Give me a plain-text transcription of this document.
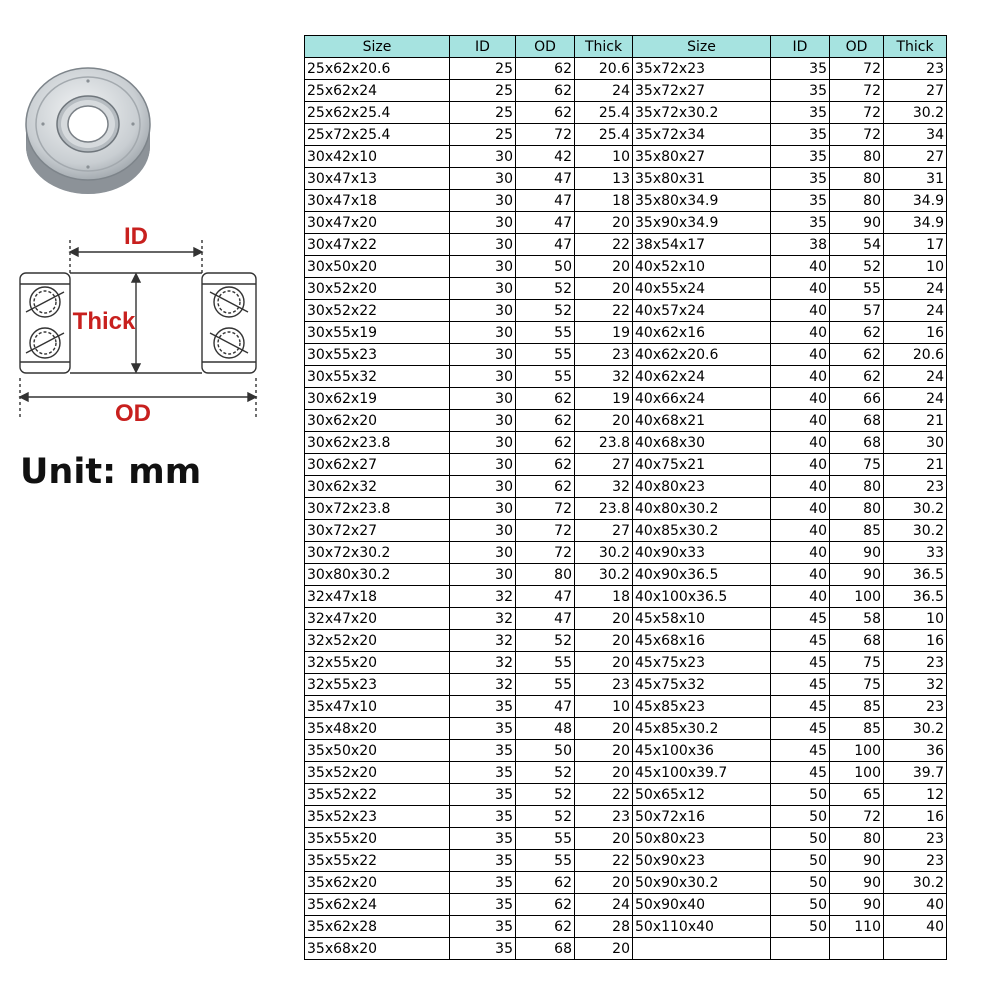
ID
Thick
OD
Unit: mm
Size	ID	OD	Thick	Size	ID	OD	Thick
25x62x20.6	25	62	20.6	35x72x23	35	72	23
25x62x24	25	62	24	35x72x27	35	72	27
25x62x25.4	25	62	25.4	35x72x30.2	35	72	30.2
25x72x25.4	25	72	25.4	35x72x34	35	72	34
30x42x10	30	42	10	35x80x27	35	80	27
30x47x13	30	47	13	35x80x31	35	80	31
30x47x18	30	47	18	35x80x34.9	35	80	34.9
30x47x20	30	47	20	35x90x34.9	35	90	34.9
30x47x22	30	47	22	38x54x17	38	54	17
30x50x20	30	50	20	40x52x10	40	52	10
30x52x20	30	52	20	40x55x24	40	55	24
30x52x22	30	52	22	40x57x24	40	57	24
30x55x19	30	55	19	40x62x16	40	62	16
30x55x23	30	55	23	40x62x20.6	40	62	20.6
30x55x32	30	55	32	40x62x24	40	62	24
30x62x19	30	62	19	40x66x24	40	66	24
30x62x20	30	62	20	40x68x21	40	68	21
30x62x23.8	30	62	23.8	40x68x30	40	68	30
30x62x27	30	62	27	40x75x21	40	75	21
30x62x32	30	62	32	40x80x23	40	80	23
30x72x23.8	30	72	23.8	40x80x30.2	40	80	30.2
30x72x27	30	72	27	40x85x30.2	40	85	30.2
30x72x30.2	30	72	30.2	40x90x33	40	90	33
30x80x30.2	30	80	30.2	40x90x36.5	40	90	36.5
32x47x18	32	47	18	40x100x36.5	40	100	36.5
32x47x20	32	47	20	45x58x10	45	58	10
32x52x20	32	52	20	45x68x16	45	68	16
32x55x20	32	55	20	45x75x23	45	75	23
32x55x23	32	55	23	45x75x32	45	75	32
35x47x10	35	47	10	45x85x23	45	85	23
35x48x20	35	48	20	45x85x30.2	45	85	30.2
35x50x20	35	50	20	45x100x36	45	100	36
35x52x20	35	52	20	45x100x39.7	45	100	39.7
35x52x22	35	52	22	50x65x12	50	65	12
35x52x23	35	52	23	50x72x16	50	72	16
35x55x20	35	55	20	50x80x23	50	80	23
35x55x22	35	55	22	50x90x23	50	90	23
35x62x20	35	62	20	50x90x30.2	50	90	30.2
35x62x24	35	62	24	50x90x40	50	90	40
35x62x28	35	62	28	50x110x40	50	110	40
35x68x20	35	68	20				
